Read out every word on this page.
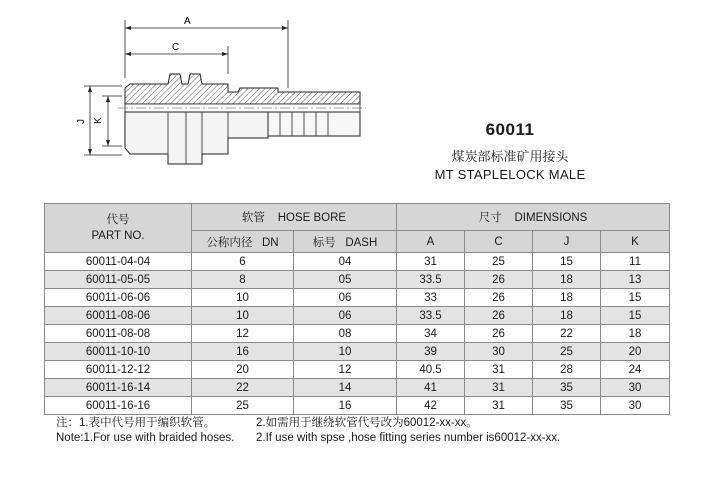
A
C
J K	60011
煤炭部标准矿用接头
MT STAPLELOCK MALE
代号
PART NO.	软管    HOSE BORE		尺寸    DIMENSIONS			
	公称内径   DN	标号   DASH	A	C	J	K
60011-04-04	6	04	31	25	15	11
60011-05-05	8	05	33.5	26	18	13
60011-06-06	10	06	33	26	18	15
60011-08-06	10	06	33.5	26	18	15
60011-08-08	12	08	34	26	22	18
60011-10-10	16	10	39	30	25	20
60011-12-12	20	12	40.5	31	28	24
60011-16-14	22	14	41	31	35	30
60011-16-16	25	16	42	31	35	30
注：1.表中代号用于编织软管。	2.如需用于继绕软管代号改为60012-xx-xx。
Note:1.For use with braided hoses.	2.If use with spse ,hose fitting series number is60012-xx-xx.
